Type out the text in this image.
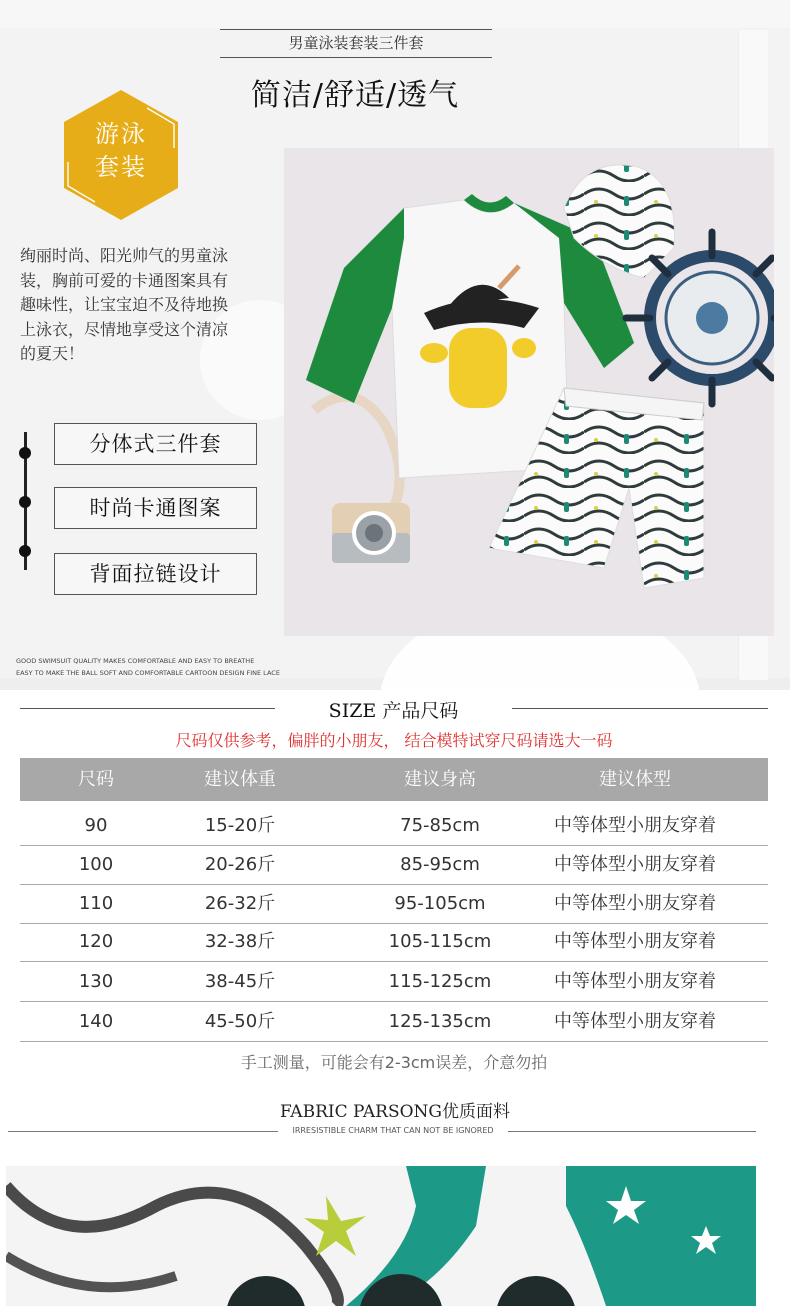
男童泳装套装三件套
简洁/舒适/透气
游泳
套装
绚丽时尚、阳光帅气的男童泳装，胸前可爱的卡通图案具有趣味性，让宝宝迫不及待地换上泳衣，尽情地享受这个清凉的夏天！
分体式三件套
时尚卡通图案
背面拉链设计
GOOD SWIMSUIT QUALITY MAKES COMFORTABLE AND EASY TO BREATHE
EASY TO MAKE THE BALL SOFT AND COMFORTABLE CARTOON DESIGN FINE LACE
SIZE 产品尺码
尺码仅供参考，偏胖的小朋友， 结合模特试穿尺码请选大一码
尺码	建议体重	建议身高	建议体型
90	15-20斤	75-85cm	中等体型小朋友穿着
100	20-26斤	85-95cm	中等体型小朋友穿着
110	26-32斤	95-105cm	中等体型小朋友穿着
120	32-38斤	105-115cm	中等体型小朋友穿着
130	38-45斤	115-125cm	中等体型小朋友穿着
140	45-50斤	125-135cm	中等体型小朋友穿着
手工测量，可能会有2-3cm误差，介意勿拍
FABRIC PARSONG优质面料
IRRESISTIBLE CHARM THAT CAN NOT BE IGNORED
